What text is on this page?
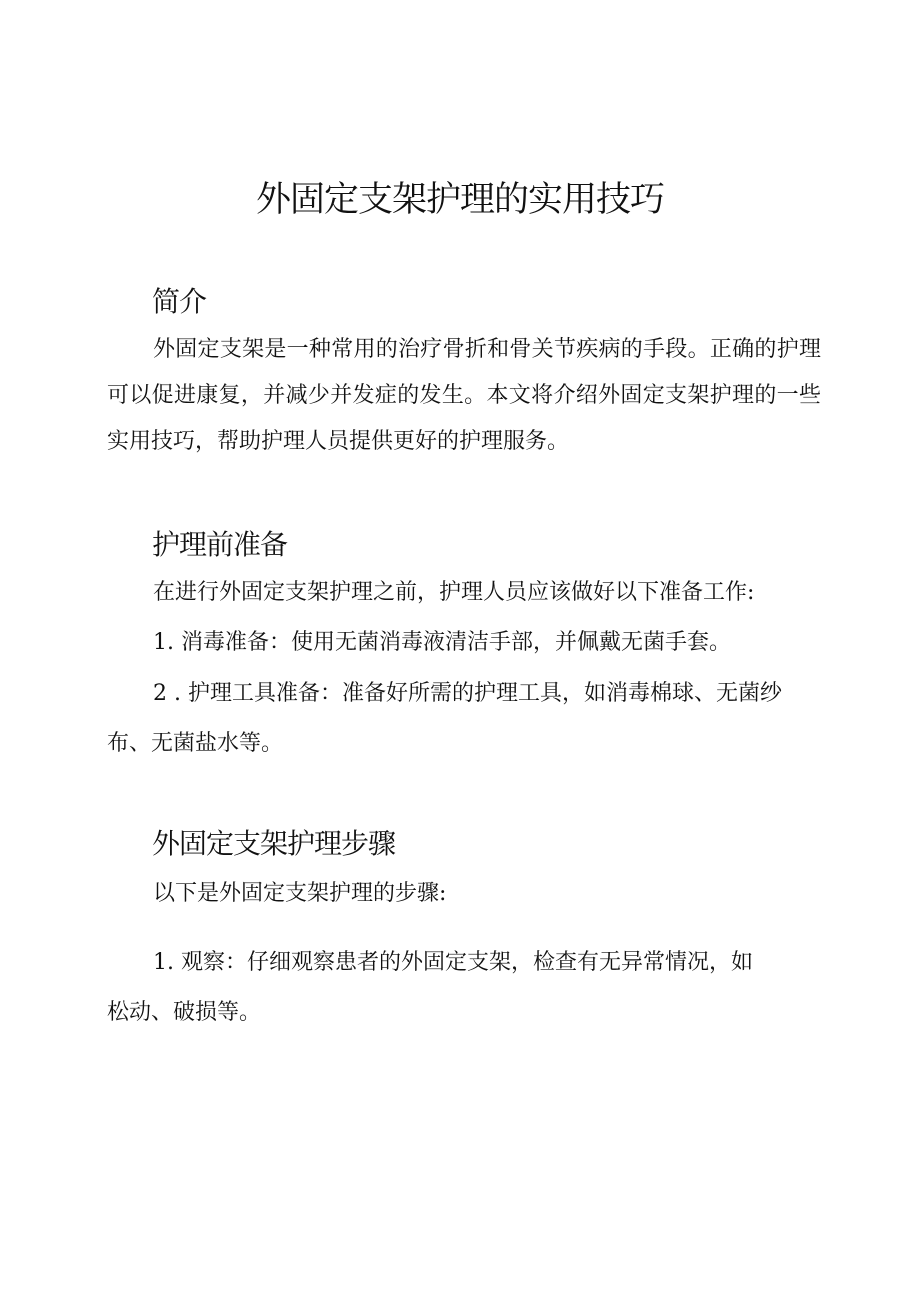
外固定支架护理的实用技巧
简介

外固定支架是一种常用的治疗骨折和骨关节疾病的手段。正确的护理可以促进康复，并减少并发症的发生。本文将介绍外固定支架护理的一些实用技巧，帮助护理人员提供更好的护理服务。

护理前准备

在进行外固定支架护理之前，护理人员应该做好以下准备工作:

1. 消毒准备：使用无菌消毒液清洁手部，并佩戴无菌手套。

2 . 护理工具准备：准备好所需的护理工具，如消毒棉球、无菌纱

布、无菌盐水等。

外固定支架护理步骤

以下是外固定支架护理的步骤:

1. 观察：仔细观察患者的外固定支架，检查有无异常情况，如

松动、破损等。
